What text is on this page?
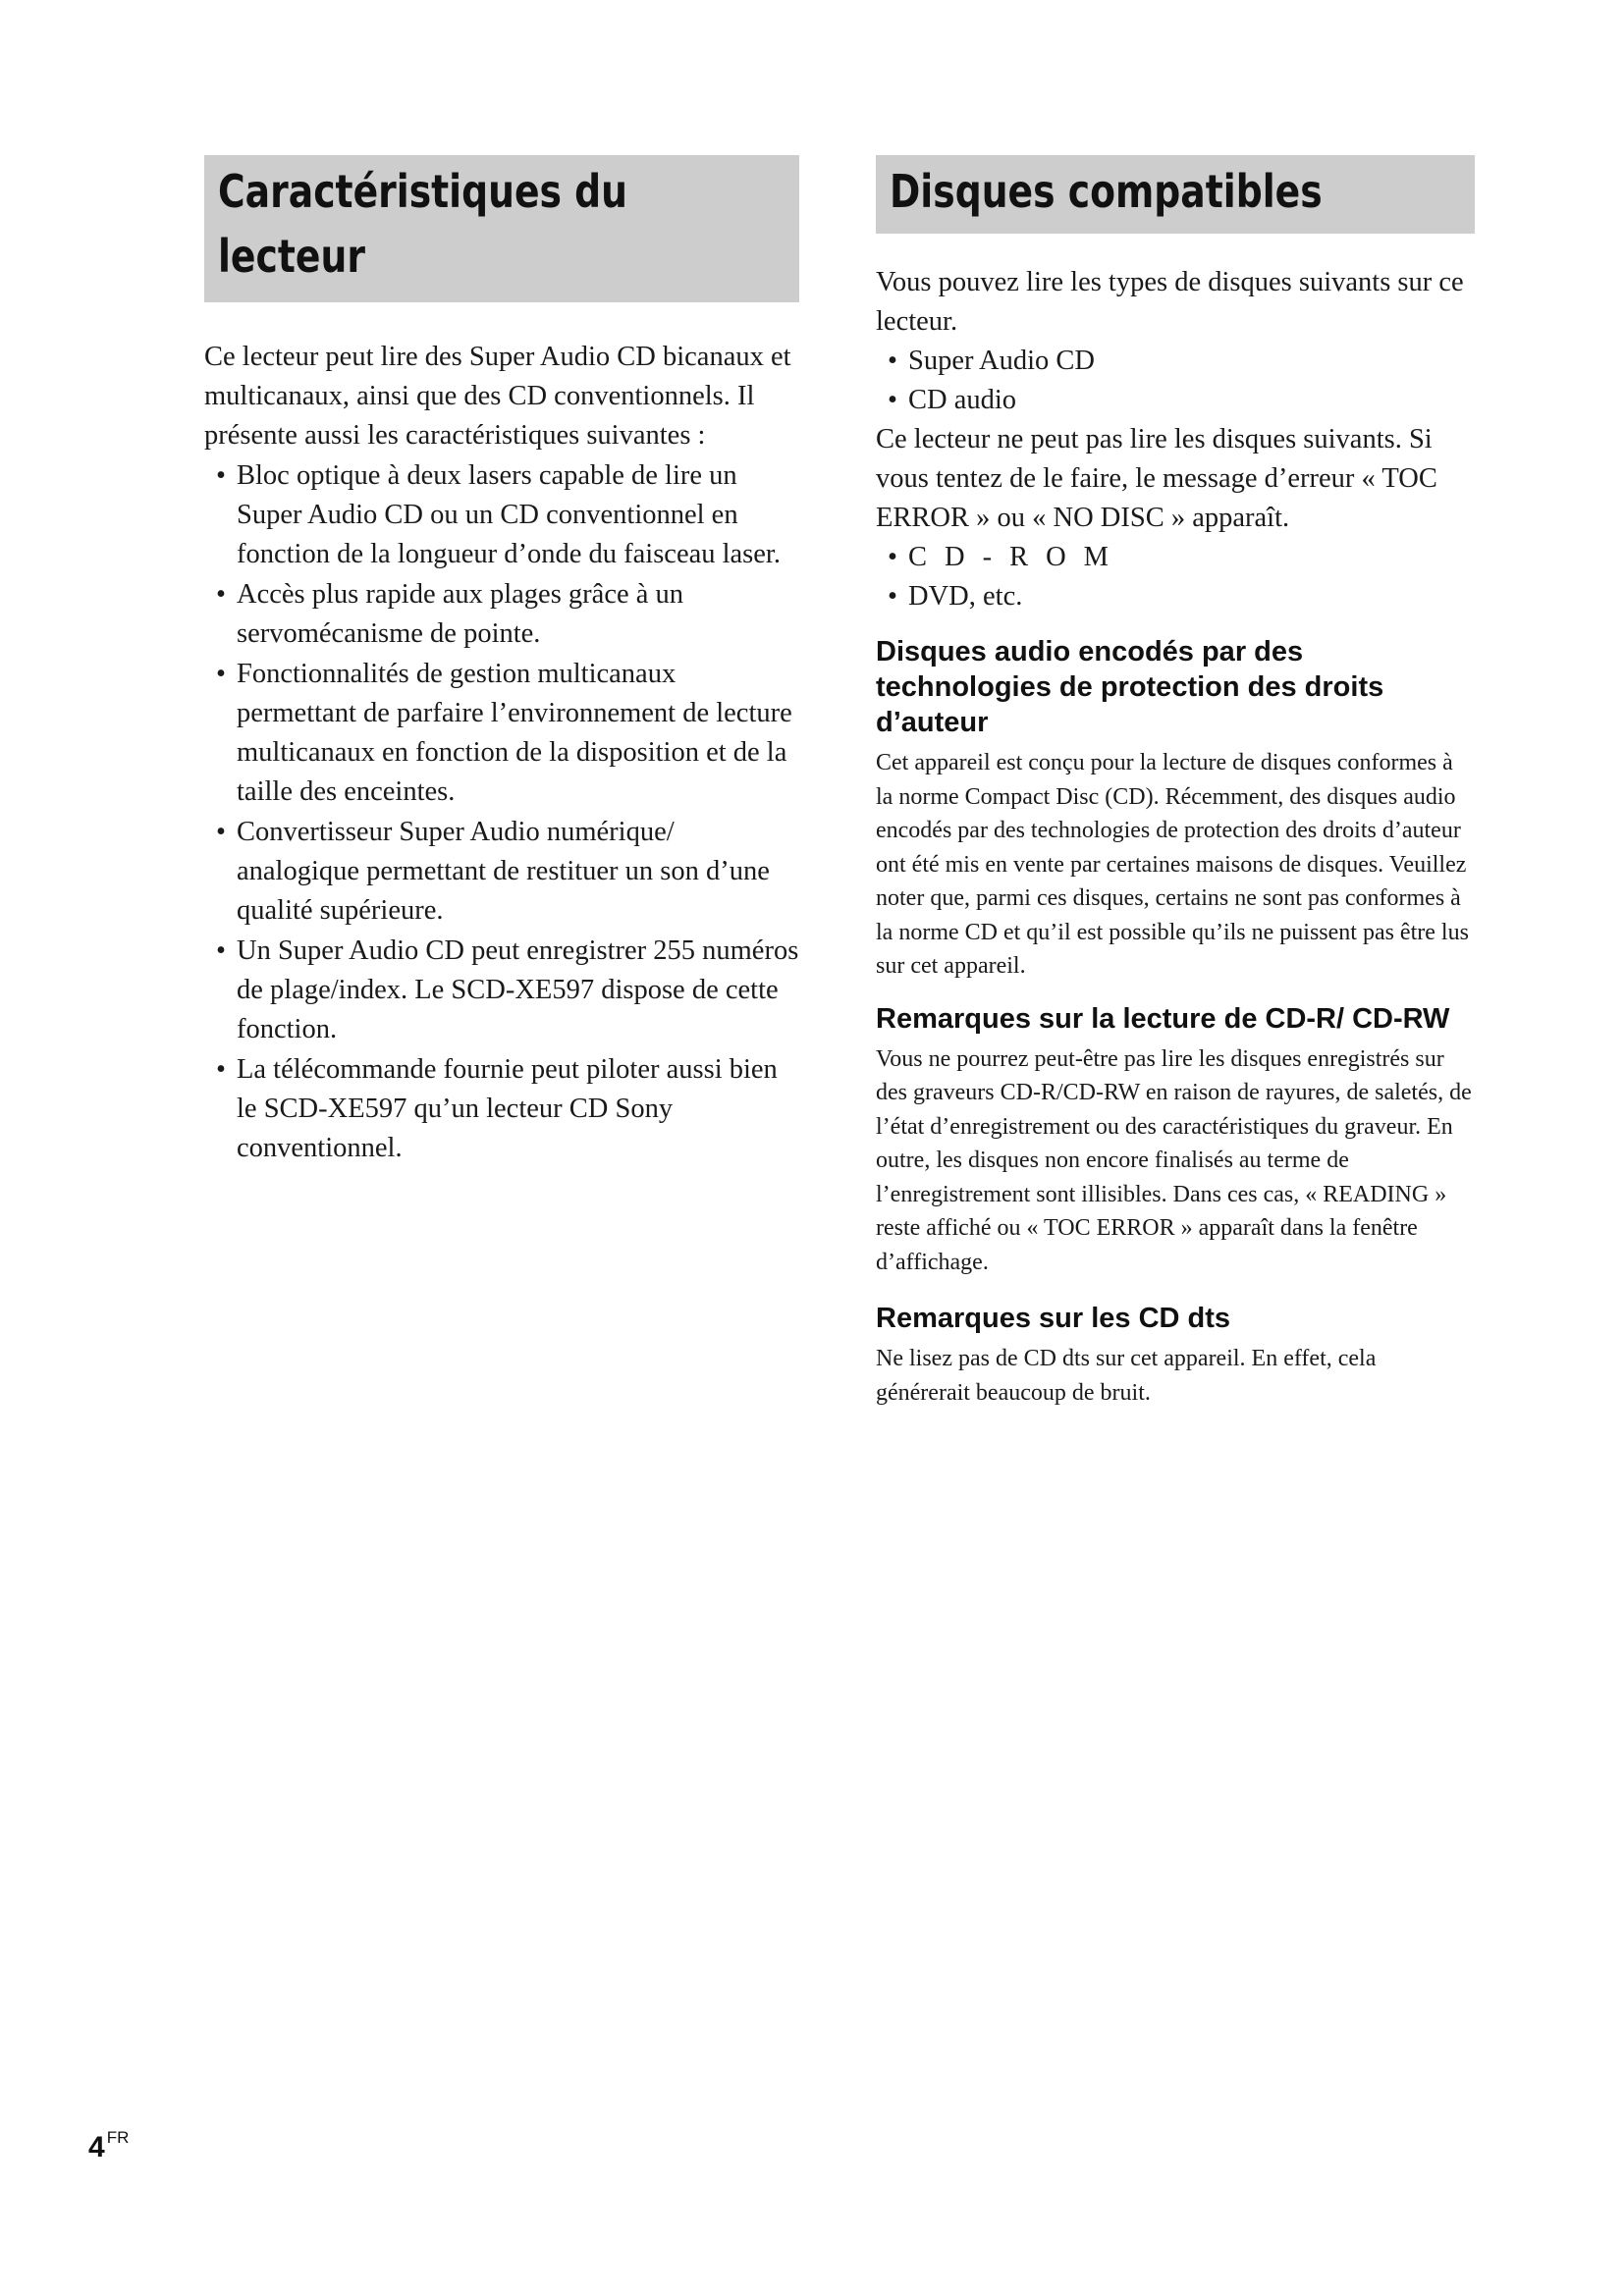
Caractéristiques du
lecteur

Ce lecteur peut lire des Super Audio CD bicanaux et multicanaux, ainsi que des CD conventionnels. Il présente aussi les caractéristiques suivantes :

• Bloc optique à deux lasers capable de lire un Super Audio CD ou un CD conventionnel en fonction de la longueur d’onde du faisceau laser.
• Accès plus rapide aux plages grâce à un servomécanisme de pointe.
• Fonctionnalités de gestion multicanaux permettant de parfaire l’environnement de lecture multicanaux en fonction de la disposition et de la taille des enceintes.
• Convertisseur Super Audio numérique/ analogique permettant de restituer un son d’une qualité supérieure.
• Un Super Audio CD peut enregistrer 255 numéros de plage/index. Le SCD-XE597 dispose de cette fonction.
• La télécommande fournie peut piloter aussi bien le SCD-XE597 qu’un lecteur CD Sony conventionnel.
Disques compatibles

Vous pouvez lire les types de disques suivants sur ce lecteur.

• Super Audio CD
• CD audio

Ce lecteur ne peut pas lire les disques suivants. Si vous tentez de le faire, le message d’erreur « TOC ERROR » ou « NO DISC » apparaît.

• CD-ROM
• DVD, etc.
Disques audio encodés par des technologies de protection des droits d’auteur

Cet appareil est conçu pour la lecture de disques conformes à la norme Compact Disc (CD). Récemment, des disques audio encodés par des technologies de protection des droits d’auteur ont été mis en vente par certaines maisons de disques. Veuillez noter que, parmi ces disques, certains ne sont pas conformes à la norme CD et qu’il est possible qu’ils ne puissent pas être lus sur cet appareil.

Remarques sur la lecture de CD-R/ CD-RW

Vous ne pourrez peut-être pas lire les disques enregistrés sur des graveurs CD-R/CD-RW en raison de rayures, de saletés, de l’état d’enregistrement ou des caractéristiques du graveur. En outre, les disques non encore finalisés au terme de l’enregistrement sont illisibles. Dans ces cas, « READING » reste affiché ou « TOC ERROR » apparaît dans la fenêtre d’affichage.

Remarques sur les CD dts

Ne lisez pas de CD dts sur cet appareil. En effet, cela générerait beaucoup de bruit.

4 $^{FR}$
